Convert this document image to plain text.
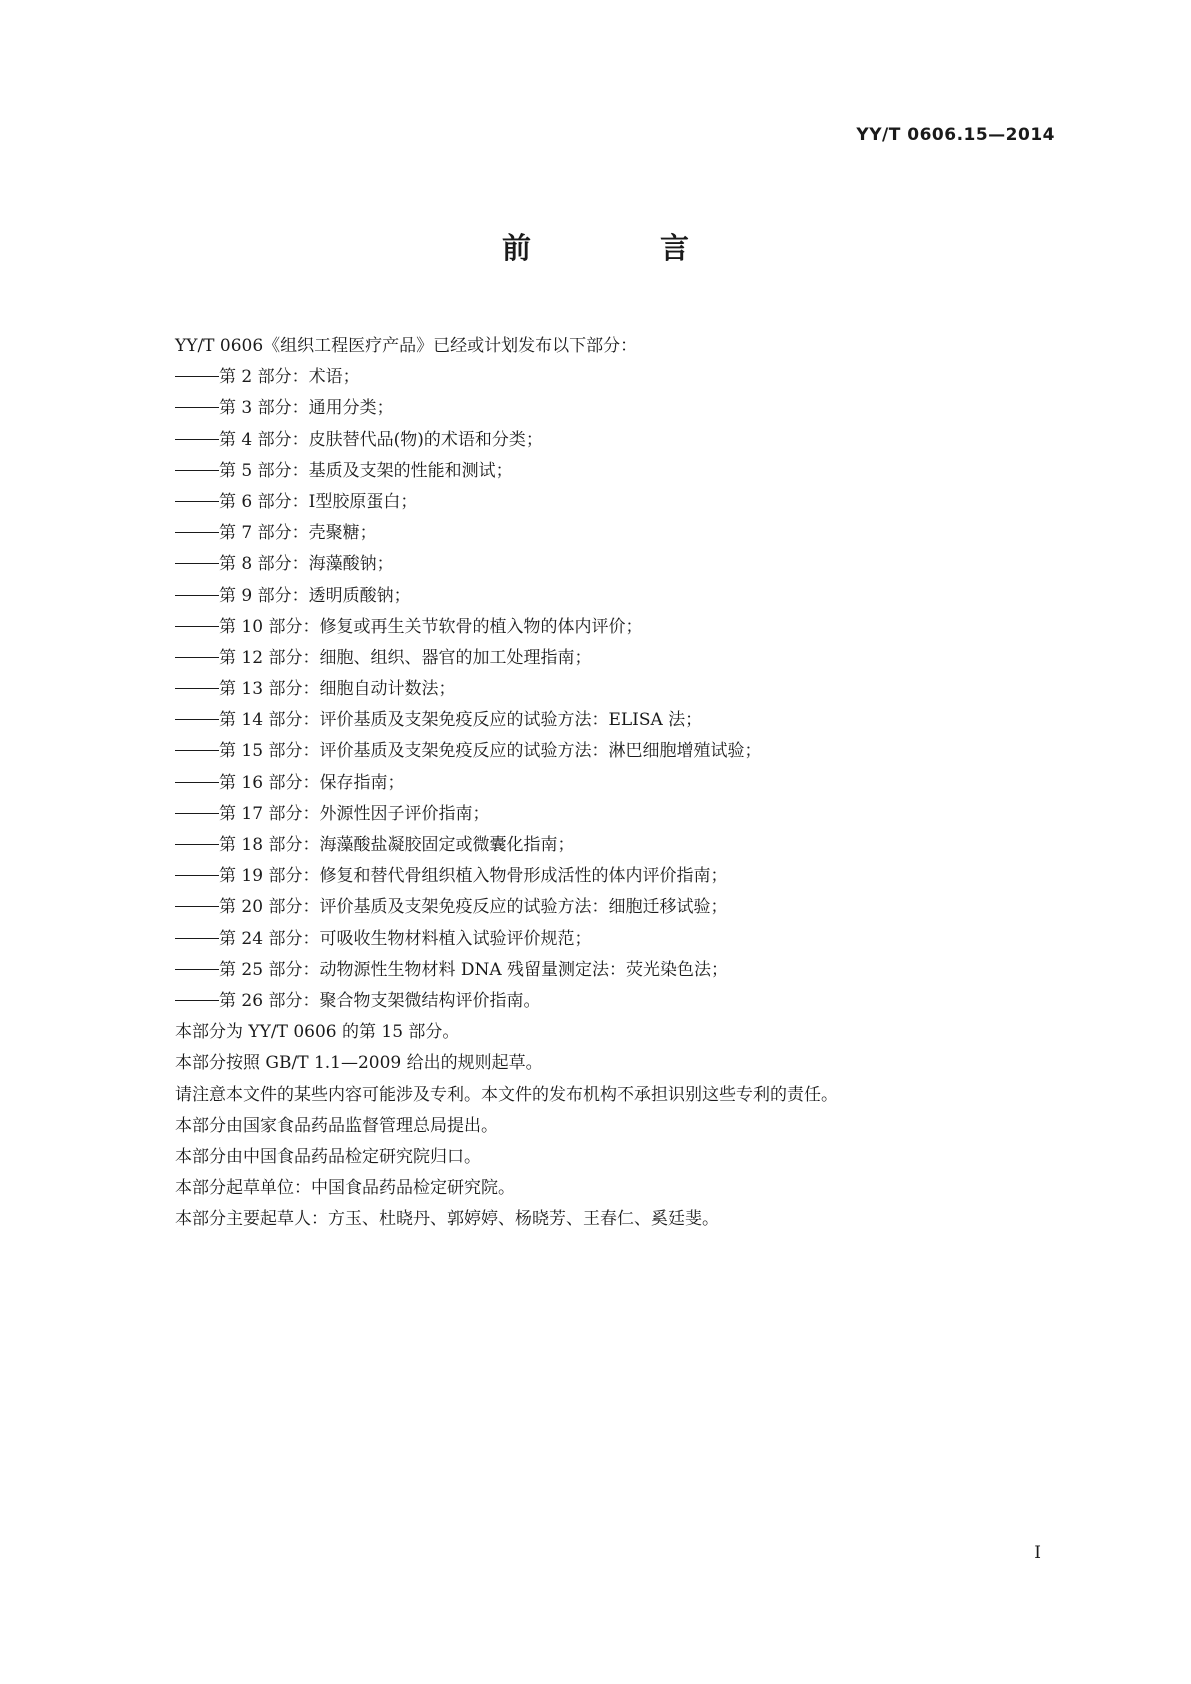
YY/T 0606.15—2014
前　言
YY/T 0606《组织工程医疗产品》已经或计划发布以下部分：
第 2 部分：术语；
第 3 部分：通用分类；
第 4 部分：皮肤替代品(物)的术语和分类；
第 5 部分：基质及支架的性能和测试；
第 6 部分：Ⅰ型胶原蛋白；
第 7 部分：壳聚糖；
第 8 部分：海藻酸钠；
第 9 部分：透明质酸钠；
第 10 部分：修复或再生关节软骨的植入物的体内评价；
第 12 部分：细胞、组织、器官的加工处理指南；
第 13 部分：细胞自动计数法；
第 14 部分：评价基质及支架免疫反应的试验方法：ELISA 法；
第 15 部分：评价基质及支架免疫反应的试验方法：淋巴细胞增殖试验；
第 16 部分：保存指南；
第 17 部分：外源性因子评价指南；
第 18 部分：海藻酸盐凝胶固定或微囊化指南；
第 19 部分：修复和替代骨组织植入物骨形成活性的体内评价指南；
第 20 部分：评价基质及支架免疫反应的试验方法：细胞迁移试验；
第 24 部分：可吸收生物材料植入试验评价规范；
第 25 部分：动物源性生物材料 DNA 残留量测定法：荧光染色法；
第 26 部分：聚合物支架微结构评价指南。
本部分为 YY/T 0606 的第 15 部分。
本部分按照 GB/T 1.1—2009 给出的规则起草。
请注意本文件的某些内容可能涉及专利。本文件的发布机构不承担识别这些专利的责任。
本部分由国家食品药品监督管理总局提出。
本部分由中国食品药品检定研究院归口。
本部分起草单位：中国食品药品检定研究院。
本部分主要起草人：方玉、杜晓丹、郭婷婷、杨晓芳、王春仁、奚廷斐。
I
